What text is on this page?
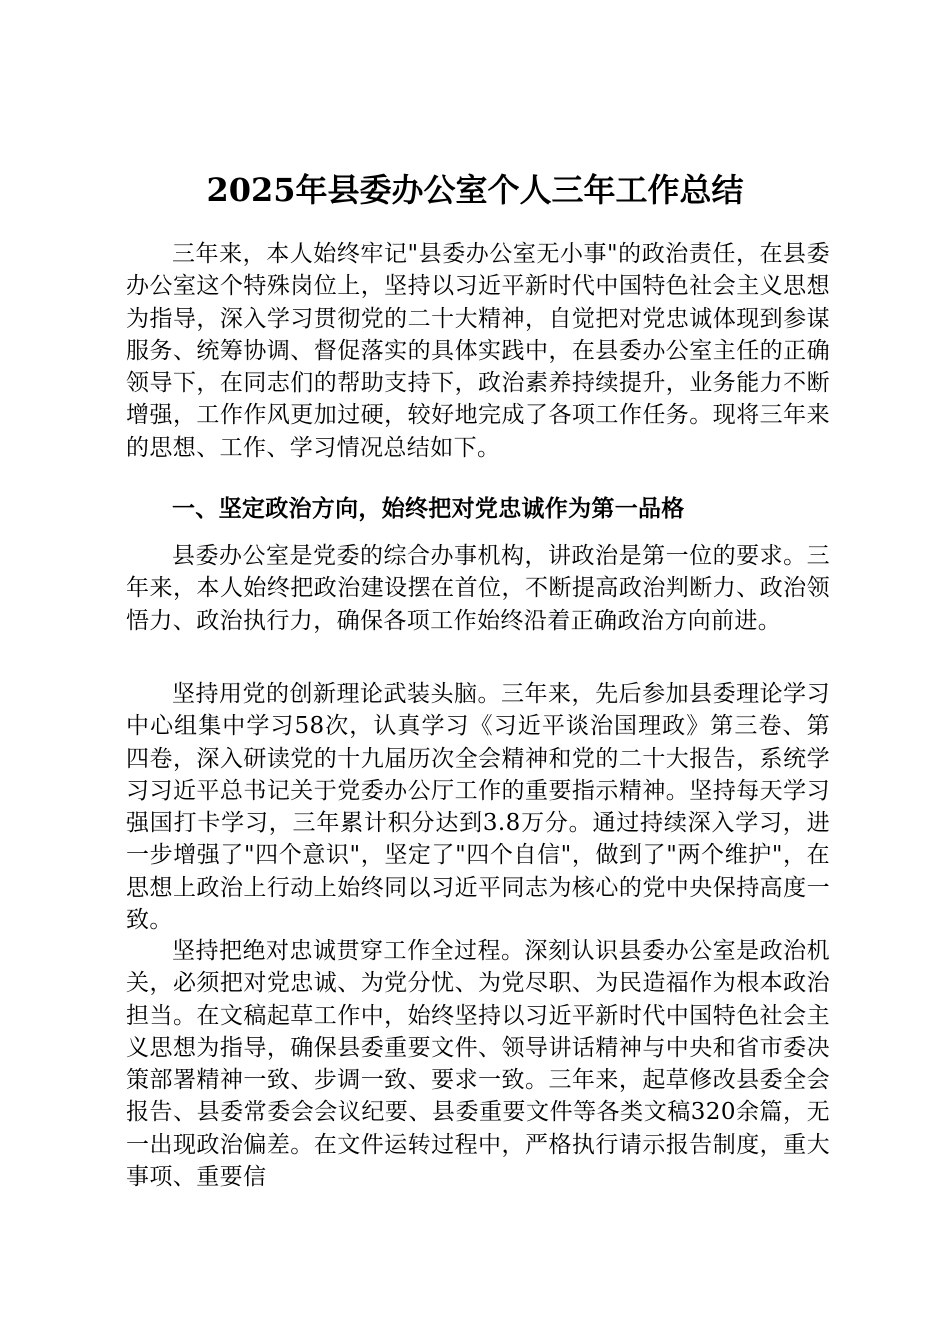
2025年县委办公室个人三年工作总结

三年来，本人始终牢记"县委办公室无小事"的政治责任，在县委办公室这个特殊岗位上，坚持以习近平新时代中国特色社会主义思想为指导，深入学习贯彻党的二十大精神，自觉把对党忠诚体现到参谋服务、统筹协调、督促落实的具体实践中，在县委办公室主任的正确领导下，在同志们的帮助支持下，政治素养持续提升，业务能力不断增强，工作作风更加过硬，较好地完成了各项工作任务。现将三年来的思想、工作、学习情况总结如下。

一、坚定政治方向，始终把对党忠诚作为第一品格

县委办公室是党委的综合办事机构，讲政治是第一位的要求。三年来，本人始终把政治建设摆在首位，不断提高政治判断力、政治领悟力、政治执行力，确保各项工作始终沿着正确政治方向前进。

坚持用党的创新理论武装头脑。三年来，先后参加县委理论学习中心组集中学习58次，认真学习《习近平谈治国理政》第三卷、第四卷，深入研读党的十九届历次全会精神和党的二十大报告，系统学习习近平总书记关于党委办公厅工作的重要指示精神。坚持每天学习强国打卡学习，三年累计积分达到3.8万分。通过持续深入学习，进一步增强了"四个意识"，坚定了"四个自信"，做到了"两个维护"，在思想上政治上行动上始终同以习近平同志为核心的党中央保持高度一致。

坚持把绝对忠诚贯穿工作全过程。深刻认识县委办公室是政治机关，必须把对党忠诚、为党分忧、为党尽职、为民造福作为根本政治担当。在文稿起草工作中，始终坚持以习近平新时代中国特色社会主义思想为指导，确保县委重要文件、领导讲话精神与中央和省市委决策部署精神一致、步调一致、要求一致。三年来，起草修改县委全会报告、县委常委会会议纪要、县委重要文件等各类文稿320余篇，无一出现政治偏差。在文件运转过程中，严格执行请示报告制度，重大事项、重要信
